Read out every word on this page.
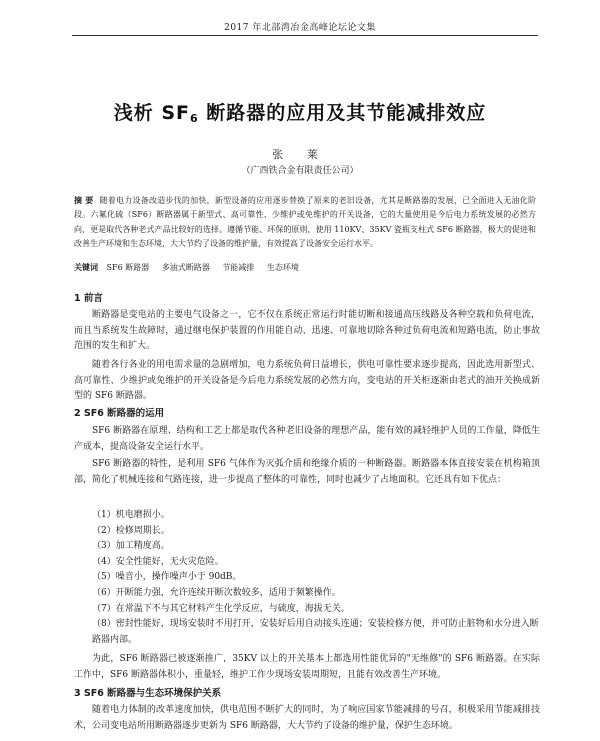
2017 年北部湾冶金高峰论坛论文集
浅析 $SF_6$ 断路器的应用及其节能减排效应
张 莱
（广西铁合金有限责任公司）
摘 要 随着电力设备改造步伐的加快，新型设备的应用逐步替换了原来的老旧设备，尤其是断路器的发展，已全面进入无油化阶段。六氟化硫（SF6）断路器属于新型式、高可靠性、少维护或免维护的开关设备，它的大量使用是今后电力系统发展的必然方向，更是取代各种老式产品比较好的选择。遵循节能、环保的原则，使用 110KV、35KV 瓷瓶支柱式 SF6 断路器，极大的促进和改善生产环境和生态环境，大大节约了设备的维护量，有效提高了设备安全运行水平。
关键词 SF6 断路器 多油式断路器 节能减排 生态环境
1 前言
断路器是变电站的主要电气设备之一，它不仅在系统正常运行时能切断和接通高压线路及各种空载和负荷电流，而且当系统发生故障时，通过继电保护装置的作用能自动、迅速、可靠地切除各种过负荷电流和短路电流，防止事故范围的发生和扩大。
随着各行各业的用电需求量的急剧增加，电力系统负荷日益增长，供电可靠性要求逐步提高，因此选用新型式、高可靠性、少维护或免维护的开关设备是今后电力系统发展的必然方向，变电站的开关柜逐渐由老式的油开关换成新型的 SF6 断路器。
2 SF6 断路器的运用
SF6 断路器在原理、结构和工艺上都是取代各种老旧设备的理想产品，能有效的减轻维护人员的工作量，降低生产成本，提高设备安全运行水平。
SF6 断路器的特性，是利用 SF6 气体作为灭弧介质和绝缘介质的一种断路器。断路器本体直接安装在机构箱顶部，简化了机械连接和气路连接，进一步提高了整体的可靠性，同时也减少了占地面积。它还具有如下优点：
（1）机电磨损小。
（2）检修周期长。
（3）加工精度高。
（4）安全性能好，无火灾危险。
（5）噪音小，操作噪声小于 90dB。
（6）开断能力强，允许连续开断次数较多，适用于频繁操作。
（7）在常温下不与其它材料产生化学反应，与硫度，海拔无关。
（8）密封性能好，现场安装时不用打开，安装好后用自动接头连通；安装检修方便，并可防止脏物和水分进入断路器内部。
为此，SF6 断路器已被逐渐推广，35KV 以上的开关基本上都选用性能优异的"无维修"的 SF6 断路器。在实际工作中，SF6 断路器体积小，重量轻，维护工作少现场安装周期短，且能有效改善生产环境。
3 SF6 断路器与生态环境保护关系
随着电力体制的改革速度加快，供电范围不断扩大的同时，为了响应国家节能减排的号召，积极采用节能减排技术，公司变电站所用断路器逐步更新为 SF6 断路器，大大节约了设备的维护量，保护生态环境。
